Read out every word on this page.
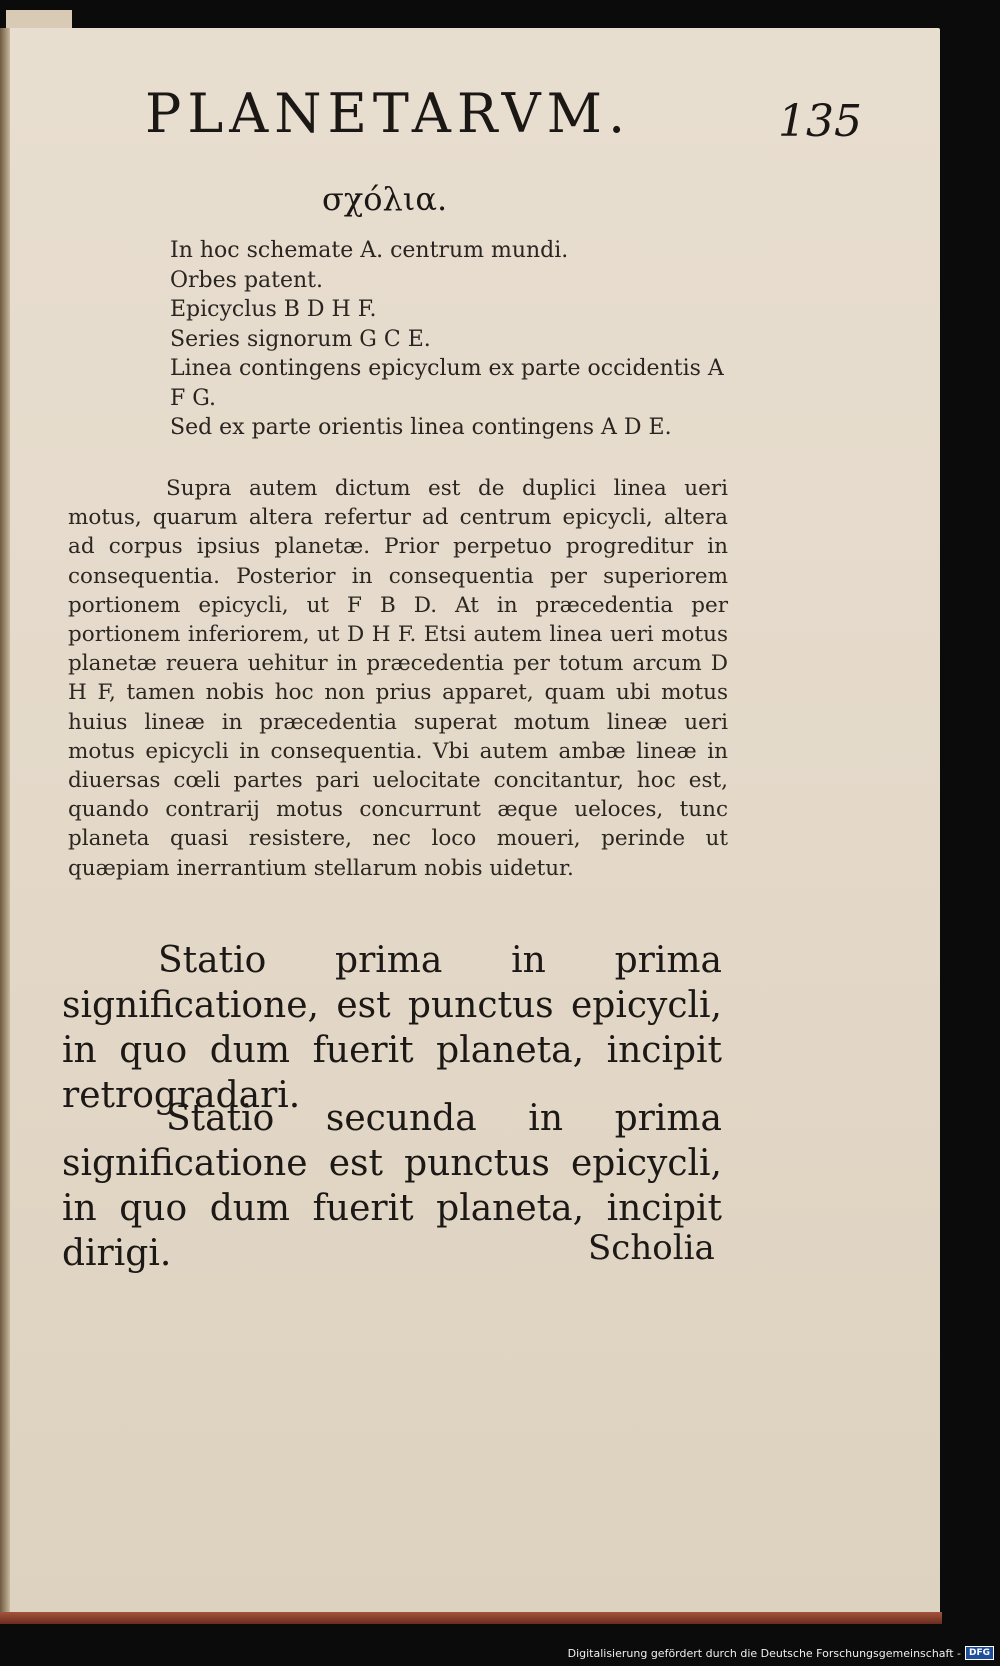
PLANETARVM.	135
σχόλια.
In hoc schemate A. centrum mundi.
Orbes patent.
Epicyclus B D H F.
Series signorum G C E.
Linea contingens epicyclum ex parte occidentis A F G.
Sed ex parte orientis linea contingens A D E.
Supra autem dictum est de duplici linea ueri motus, quarum altera refertur ad centrum epicycli, altera ad corpus ipsius planetæ. Prior perpetuo progreditur in consequentia. Posterior in consequentia per superiorem portionem epicycli, ut F B D. At in præcedentia per portionem inferiorem, ut D H F. Etsi autem linea ueri motus planetæ reuera uehitur in præcedentia per totum arcum D H F, tamen nobis hoc non prius apparet, quam ubi motus huius lineæ in præcedentia superat motum lineæ ueri motus epicycli in consequentia. Vbi autem ambæ lineæ in diuersas cœli partes pari uelocitate concitantur, hoc est, quando contrarij motus concurrunt æque ueloces, tunc planeta quasi resistere, nec loco moueri, perinde ut quæpiam inerrantium stellarum nobis uidetur.
Statio prima in prima significatione, est punctus epicycli, in quo dum fuerit planeta, incipit retrogradari.
Statio secunda in prima significatione est punctus epicycli, in quo dum fuerit planeta, incipit dirigi.	Scholia
Digitalisierung gefördert durch die Deutsche Forschungsgemeinschaft - DFG
